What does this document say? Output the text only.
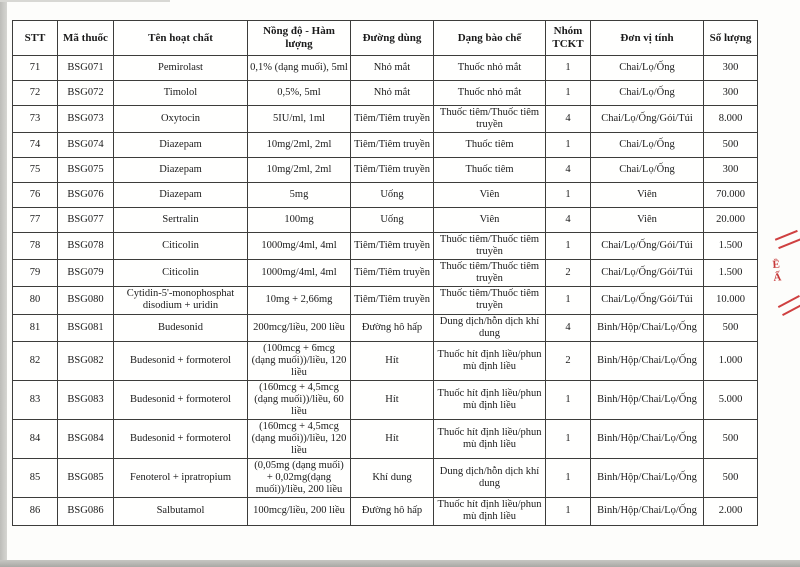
STT	Mã thuốc	Tên hoạt chất	Nồng độ - Hàm lượng	Đường dùng	Dạng bào chế	Nhóm TCKT	Đơn vị tính	Số lượng
71	BSG071	Pemirolast	0,1% (dạng muối), 5ml	Nhỏ mắt	Thuốc nhỏ mắt	1	Chai/Lọ/Ống	300
72	BSG072	Timolol	0,5%, 5ml	Nhỏ mắt	Thuốc nhỏ mắt	1	Chai/Lọ/Ống	300
73	BSG073	Oxytocin	5IU/ml, 1ml	Tiêm/Tiêm truyền	Thuốc tiêm/Thuốc tiêm truyền	4	Chai/Lọ/Ống/Gói/Túi	8.000
74	BSG074	Diazepam	10mg/2ml, 2ml	Tiêm/Tiêm truyền	Thuốc tiêm	1	Chai/Lọ/Ống	500
75	BSG075	Diazepam	10mg/2ml, 2ml	Tiêm/Tiêm truyền	Thuốc tiêm	4	Chai/Lọ/Ống	300
76	BSG076	Diazepam	5mg	Uống	Viên	1	Viên	70.000
77	BSG077	Sertralin	100mg	Uống	Viên	4	Viên	20.000
78	BSG078	Citicolin	1000mg/4ml, 4ml	Tiêm/Tiêm truyền	Thuốc tiêm/Thuốc tiêm truyền	1	Chai/Lọ/Ống/Gói/Túi	1.500
79	BSG079	Citicolin	1000mg/4ml, 4ml	Tiêm/Tiêm truyền	Thuốc tiêm/Thuốc tiêm truyền	2	Chai/Lọ/Ống/Gói/Túi	1.500
80	BSG080	Cytidin-5'-monophosphat disodium + uridin	10mg + 2,66mg	Tiêm/Tiêm truyền	Thuốc tiêm/Thuốc tiêm truyền	1	Chai/Lọ/Ống/Gói/Túi	10.000
81	BSG081	Budesonid	200mcg/liều, 200 liều	Đường hô hấp	Dung dịch/hỗn dịch khí dung	4	Bình/Hộp/Chai/Lọ/Ống	500
82	BSG082	Budesonid + formoterol	(100mcg + 6mcg (dạng muối))/liều, 120 liều	Hít	Thuốc hít định liều/phun mù định liều	2	Bình/Hộp/Chai/Lọ/Ống	1.000
83	BSG083	Budesonid + formoterol	(160mcg + 4,5mcg (dạng muối))/liều, 60 liều	Hít	Thuốc hít định liều/phun mù định liều	1	Bình/Hộp/Chai/Lọ/Ống	5.000
84	BSG084	Budesonid + formoterol	(160mcg + 4,5mcg (dạng muối))/liều, 120 liều	Hít	Thuốc hít định liều/phun mù định liều	1	Bình/Hộp/Chai/Lọ/Ống	500
85	BSG085	Fenoterol + ipratropium	(0,05mg (dạng muối) + 0,02mg(dạng muối))/liều, 200 liều	Khí dung	Dung dịch/hỗn dịch khí dung	1	Bình/Hộp/Chai/Lọ/Ống	500
86	BSG086	Salbutamol	100mcg/liều, 200 liều	Đường hô hấp	Thuốc hít định liều/phun mù định liều	1	Bình/Hộp/Chai/Lọ/Ống	2.000
Ề
Ấ
